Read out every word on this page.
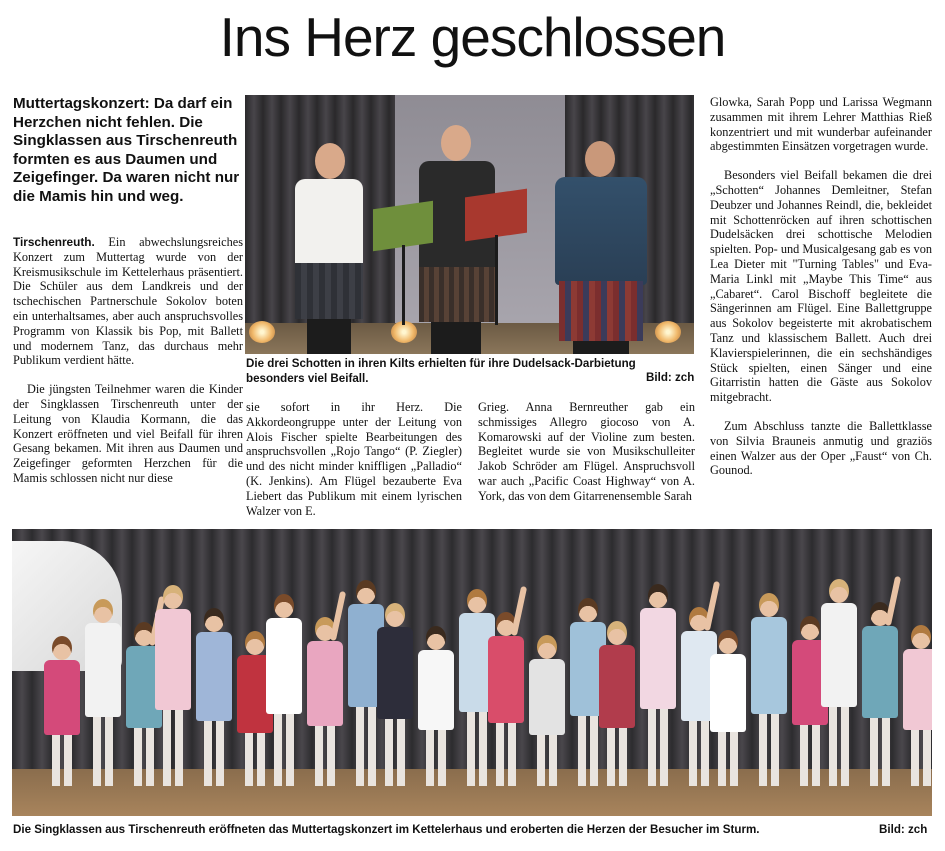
Ins Herz geschlossen
Muttertagskonzert: Da darf ein Herzchen nicht fehlen. Die Singklassen aus Tirschenreuth formten es aus Daumen und Zeigefinger. Da waren nicht nur die Mamis hin und weg.

Tirschenreuth. Ein abwechslungsreiches Konzert zum Muttertag wurde von der Kreismusikschule im Kettelerhaus präsentiert. Die Schüler aus dem Landkreis und der tschechischen Partnerschule Sokolov boten ein unterhaltsames, aber auch anspruchsvolles Programm von Klassik bis Pop, mit Ballett und modernem Tanz, das durchaus mehr Publikum verdient hätte.

Die jüngsten Teilnehmer waren die Kinder der Singklassen Tirschenreuth unter der Leitung von Klaudia Kormann, die das Konzert eröffneten und viel Beifall für ihren Gesang bekamen. Mit ihren aus Daumen und Zeigefinger geformten Herzchen für die Mamis schlossen nicht nur diese

Die drei Schotten in ihren Kilts erhielten für ihre Dudelsack-Darbietung besonders viel Beifall.	Bild: zch

sie sofort in ihr Herz. Die Akkordeongruppe unter der Leitung von Alois Fischer spielte Bearbeitungen des anspruchsvollen „Rojo Tango“ (P. Ziegler) und des nicht minder kniffligen „Palladio“ (K. Jenkins). Am Flügel bezauberte Eva Liebert das Publikum mit einem lyrischen Walzer von E.

Grieg. Anna Bernreuther gab ein schmissiges Allegro giocoso von A. Komarowski auf der Violine zum besten. Begleitet wurde sie von Musikschulleiter Jakob Schröder am Flügel. Anspruchsvoll war auch „Pacific Coast Highway“ von A. York, das von dem Gitarrenensemble Sarah

Glowka, Sarah Popp und Larissa Wegmann zusammen mit ihrem Lehrer Matthias Rieß konzentriert und mit wunderbar aufeinander abgestimmten Einsätzen vorgetragen wurde.

Besonders viel Beifall bekamen die drei „Schotten“ Johannes Demleitner, Stefan Deubzer und Johannes Reindl, die, bekleidet mit Schottenröcken auf ihren schottischen Dudelsäcken drei schottische Melodien spielten. Pop- und Musicalgesang gab es von Lea Dieter mit "Turning Tables" und Eva-Maria Linkl mit „Maybe This Time“ aus „Cabaret“. Carol Bischoff begleitete die Sängerinnen am Flügel. Eine Ballettgruppe aus Sokolov begeisterte mit akrobatischem Tanz und klassischem Ballett. Auch drei Klavierspielerinnen, die ein sechshändiges Stück spielten, einen Sänger und eine Gitarristin hatten die Gäste aus Sokolov mitgebracht.

Zum Abschluss tanzte die Ballettklasse von Silvia Brauneis anmutig und graziös einen Walzer aus der Oper „Faust“ von Ch. Gounod.

Die Singklassen aus Tirschenreuth eröffneten das Muttertagskonzert im Kettelerhaus und eroberten die Herzen der Besucher im Sturm.	Bild: zch
